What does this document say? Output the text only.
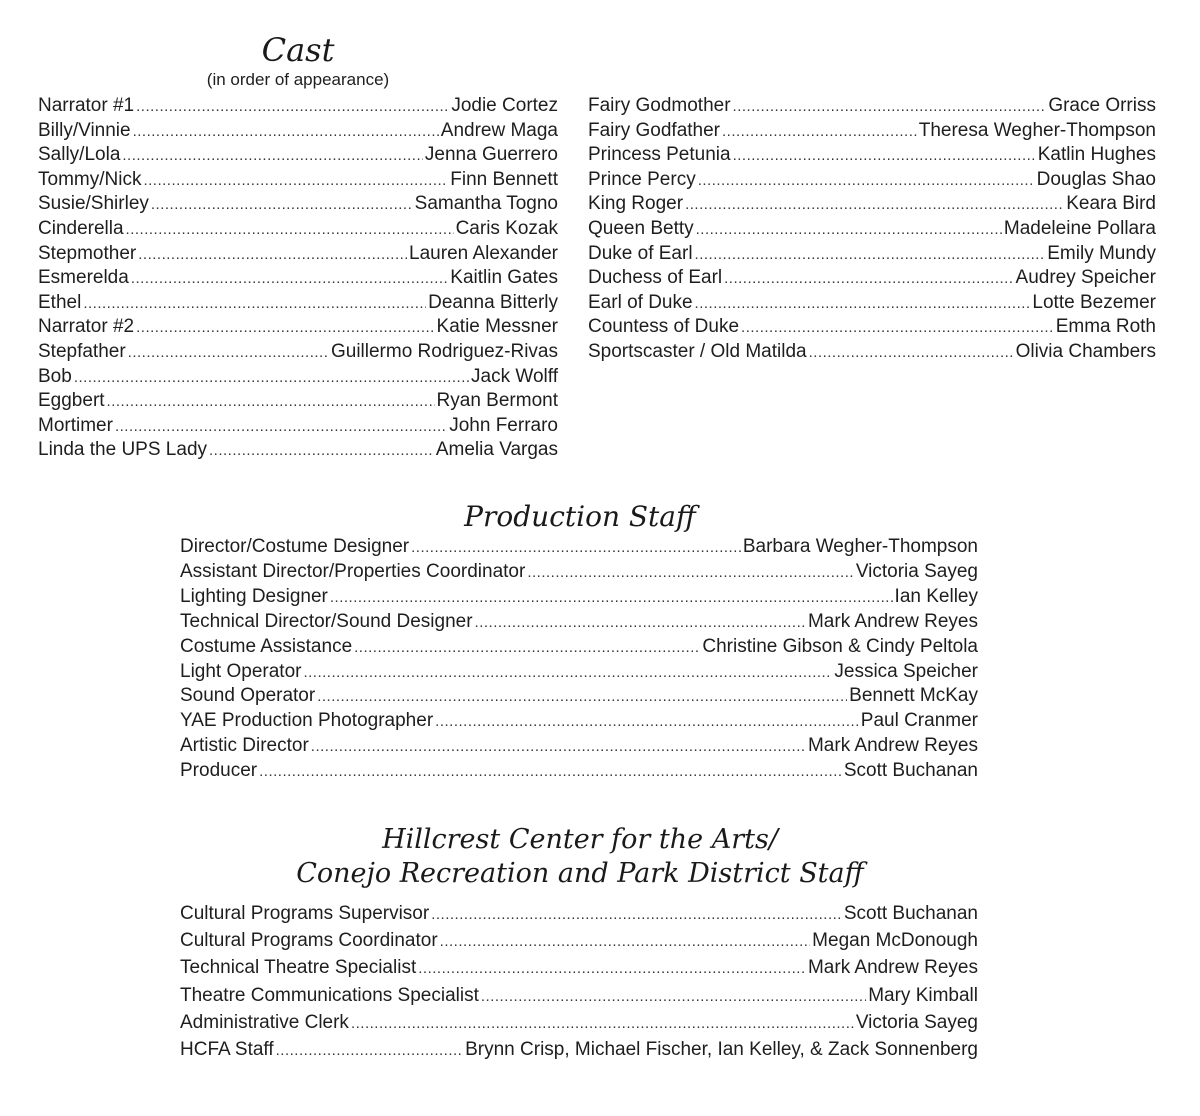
Cast
(in order of appearance)
Narrator #1 .....	Jodie Cortez
Billy/Vinnie .....	Andrew Maga
Sally/Lola .....	Jenna Guerrero
Tommy/Nick .....	Finn Bennett
Susie/Shirley .....	Samantha Togno
Cinderella .....	Caris Kozak
Stepmother .....	Lauren Alexander
Esmerelda .....	Kaitlin Gates
Ethel .....	Deanna Bitterly
Narrator #2 .....	Katie Messner
Stepfather .....	Guillermo Rodriguez-Rivas
Bob .....	Jack Wolff
Eggbert .....	Ryan Bermont
Mortimer .....	John Ferraro
Linda the UPS Lady .....	Amelia Vargas
Fairy Godmother .....	Grace Orriss
Fairy Godfather .....	Theresa Wegher-Thompson
Princess Petunia .....	Katlin Hughes
Prince Percy .....	Douglas Shao
King Roger .....	Keara Bird
Queen Betty .....	Madeleine Pollara
Duke of Earl .....	Emily Mundy
Duchess of Earl .....	Audrey Speicher
Earl of Duke .....	Lotte Bezemer
Countess of Duke .....	Emma Roth
Sportscaster / Old Matilda .....	Olivia Chambers
Production Staff
Director/Costume Designer .....	Barbara Wegher-Thompson
Assistant Director/Properties Coordinator .....	Victoria Sayeg
Lighting Designer .....	Ian Kelley
Technical Director/Sound Designer .....	Mark Andrew Reyes
Costume Assistance .....	Christine Gibson & Cindy Peltola
Light Operator .....	Jessica Speicher
Sound Operator .....	Bennett McKay
YAE Production Photographer .....	Paul Cranmer
Artistic Director .....	Mark Andrew Reyes
Producer .....	Scott Buchanan
Hillcrest Center for the Arts/
Conejo Recreation and Park District Staff
Cultural Programs Supervisor .....	Scott Buchanan
Cultural Programs Coordinator .....	Megan McDonough
Technical Theatre Specialist .....	Mark Andrew Reyes
Theatre Communications Specialist .....	Mary Kimball
Administrative Clerk .....	Victoria Sayeg
HCFA Staff .....	Brynn Crisp, Michael Fischer, Ian Kelley, & Zack Sonnenberg
